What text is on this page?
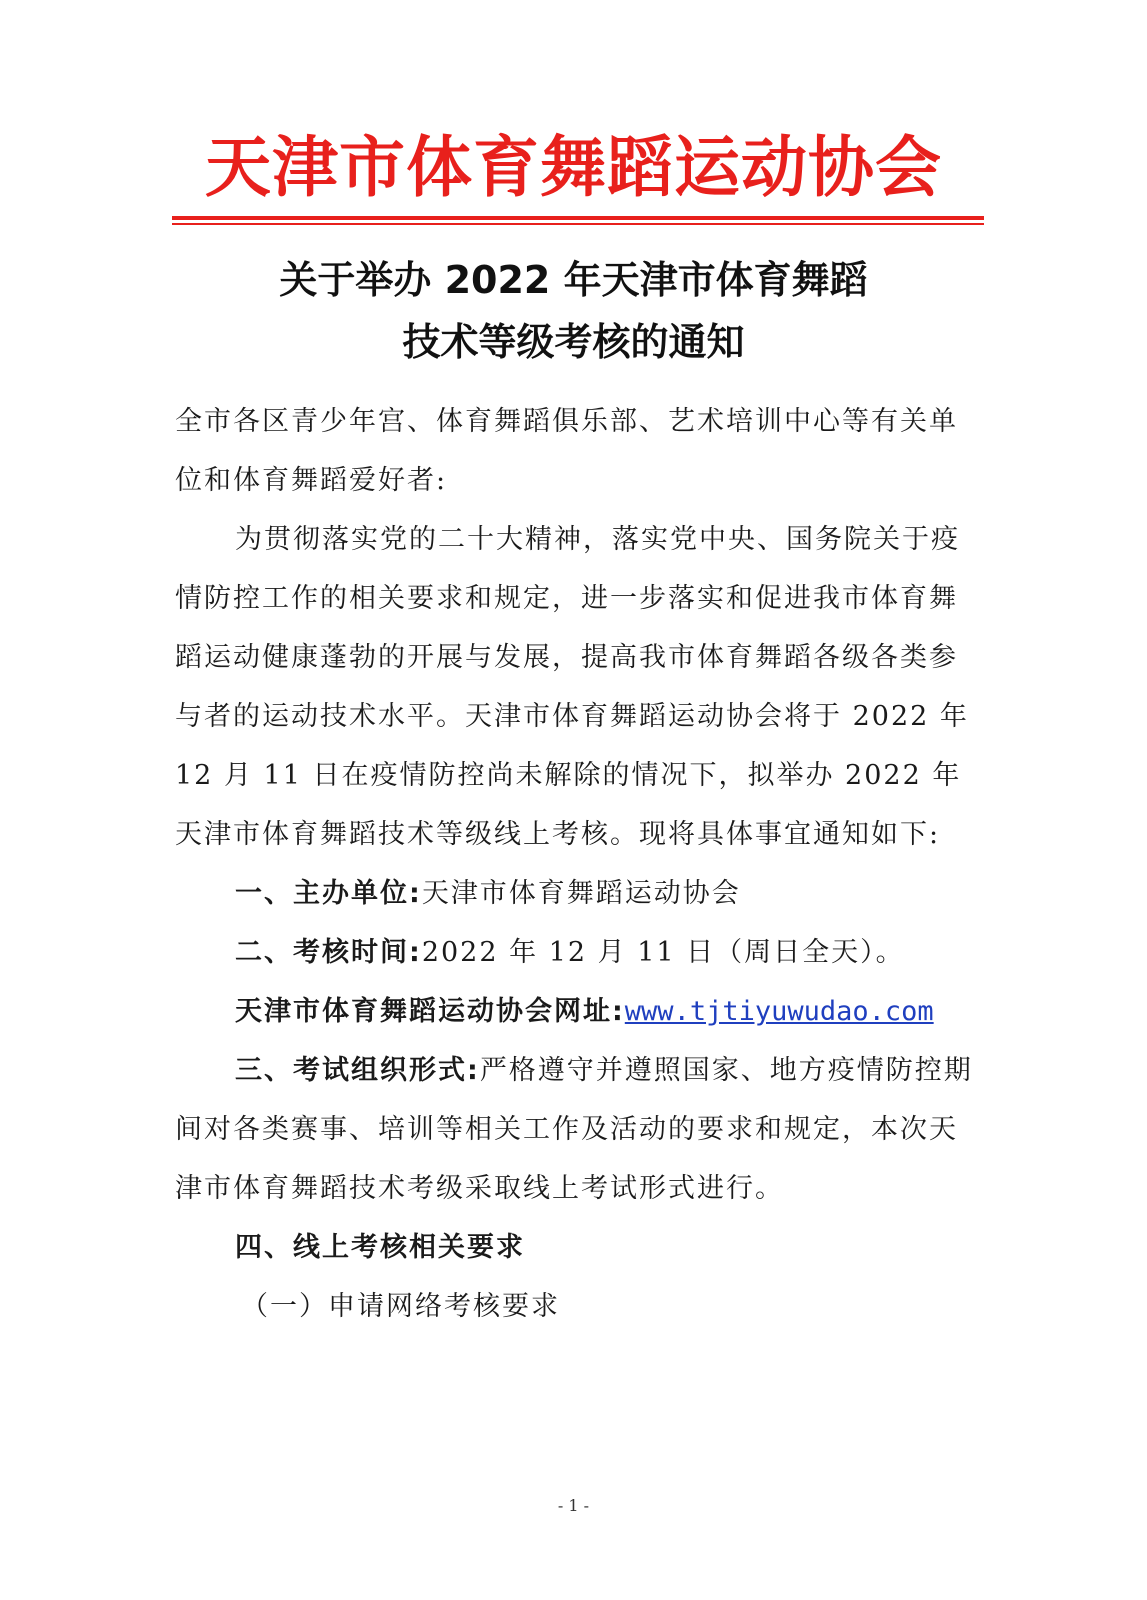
天津市体育舞蹈运动协会
关于举办 2022 年天津市体育舞蹈
技术等级考核的通知

全市各区青少年宫、体育舞蹈俱乐部、艺术培训中心等有关单位和体育舞蹈爱好者:

为贯彻落实党的二十大精神，落实党中央、国务院关于疫情防控工作的相关要求和规定，进一步落实和促进我市体育舞蹈运动健康蓬勃的开展与发展，提高我市体育舞蹈各级各类参与者的运动技术水平。天津市体育舞蹈运动协会将于 2022 年 12 月 11 日在疫情防控尚未解除的情况下，拟举办 2022 年天津市体育舞蹈技术等级线上考核。现将具体事宜通知如下:

一、主办单位:天津市体育舞蹈运动协会

二、考核时间:2022 年 12 月 11 日（周日全天）。

天津市体育舞蹈运动协会网址:www.tjtiyuwudao.com

三、考试组织形式:严格遵守并遵照国家、地方疫情防控期间对各类赛事、培训等相关工作及活动的要求和规定，本次天津市体育舞蹈技术考级采取线上考试形式进行。

四、线上考核相关要求

（一）申请网络考核要求

- 1 -
